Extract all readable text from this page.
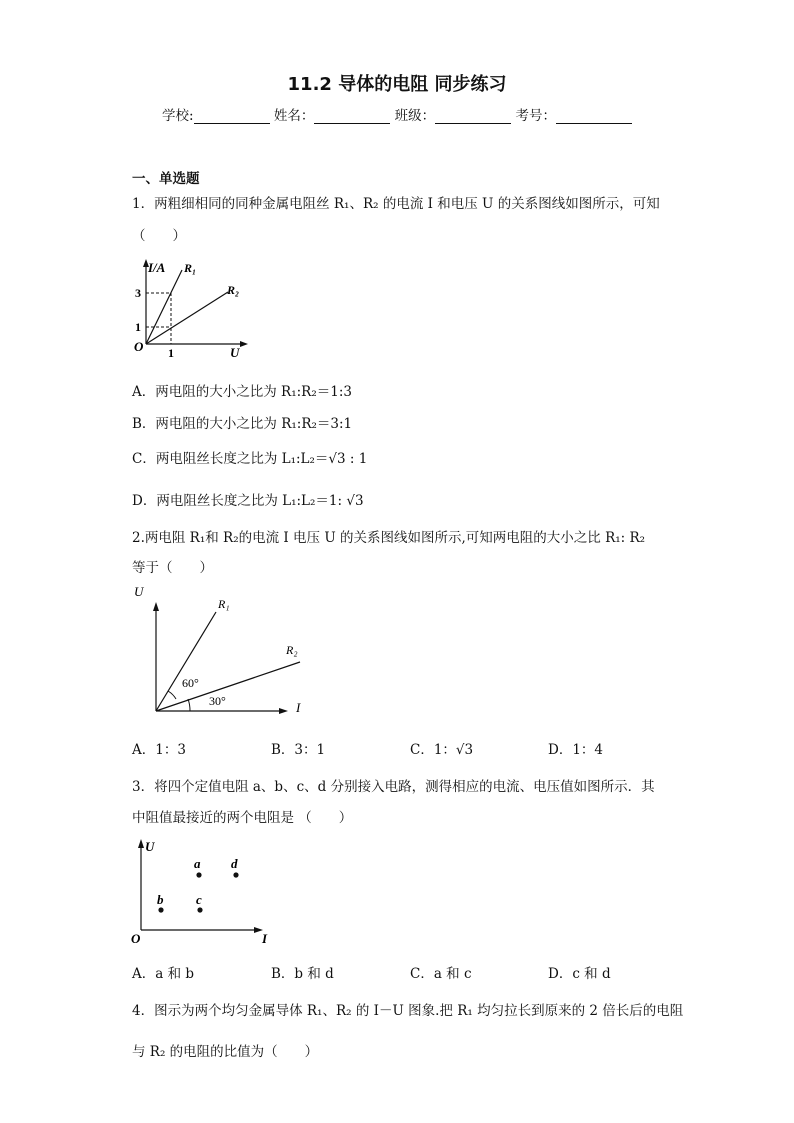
11.2 导体的电阻 同步练习
学校:	姓名：	班级：	考号：
一、单选题
1．两粗细相同的同种金属电阻丝 R₁、R₂ 的电流 I 和电压 U 的关系图线如图所示，可知
（　　）
I/A
U
O
3
1
1
R₁
R₂
A．两电阻的大小之比为 R₁:R₂＝1:3
B．两电阻的大小之比为 R₁:R₂＝3:1
C．两电阻丝长度之比为 L₁:L₂＝√3 : 1
D．两电阻丝长度之比为 L₁:L₂＝1: √3
2.两电阻 R₁和 R₂的电流 I 电压 U 的关系图线如图所示,可知两电阻的大小之比 R₁: R₂
等于（　　）
U
I
R₁
R₂
60°
30°
A．1：3	B．3：1	C．1：√3	D．1：4
3．将四个定值电阻 a、b、c、d 分别接入电路，测得相应的电流、电压值如图所示．其
中阻值最接近的两个电阻是 （　　）
U
I
O
a d
b	c
A．a 和 b	B．b 和 d	C．a 和 c	D．c 和 d
4．图示为两个均匀金属导体 R₁、R₂ 的 I－U 图象.把 R₁ 均匀拉长到原来的 2 倍长后的电阻
与 R₂ 的电阻的比值为（　　）
